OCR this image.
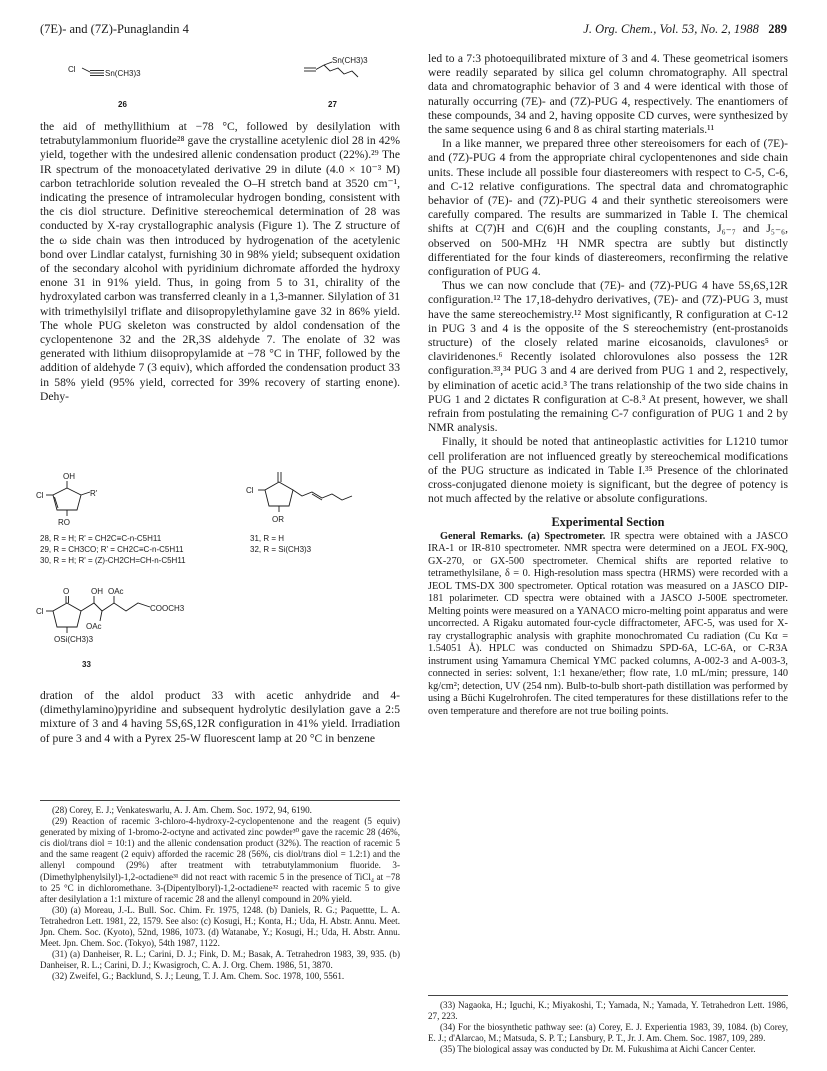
(7E)- and (7Z)-Punaglandin 4	J. Org. Chem., Vol. 53, No. 2, 1988 289
Cl	Sn(CH3)3
26
Sn(CH3)3
27

the aid of methyllithium at −78 °C, followed by desilylation with tetrabutylammonium fluoride²⁸ gave the crystalline acetylenic diol 28 in 42% yield, together with the undesired allenic condensation product (22%).²⁹ The IR spectrum of the monoacetylated derivative 29 in dilute (4.0 × 10⁻³ M) carbon tetrachloride solution revealed the O–H stretch band at 3520 cm⁻¹, indicating the presence of intramolecular hydrogen bonding, consistent with the cis diol structure. Definitive stereochemical determination of 28 was conducted by X-ray crystallographic analysis (Figure 1). The Z structure of the ω side chain was then introduced by hydrogenation of the acetylenic bond over Lindlar catalyst, furnishing 30 in 98% yield; subsequent oxidation of the secondary alcohol with pyridinium dichromate afforded the hydroxy enone 31 in 91% yield. Thus, in going from 5 to 31, chirality of the hydroxylated carbon was transferred cleanly in a 1,3-manner. Silylation of 31 with trimethylsilyl triflate and diisopropylethylamine gave 32 in 86% yield. The whole PUG skeleton was constructed by aldol condensation of the cyclopentenone 32 and the 2R,3S aldehyde 7. The enolate of 32 was generated with lithium diisopropylamide at −78 °C in THF, followed by the addition of aldehyde 7 (3 equiv), which afforded the condensation product 33 in 58% yield (95% yield, corrected for 39% recovery of starting enone). Dehy-

OH
Cl	R'
RO
28, R = H; R' = CH2C≡C-n-C5H11
29, R = CH3CO; R' = CH2C≡C-n-C5H11
30, R = H; R' = (Z)-CH2CH=CH-n-C5H11
Cl
OR
31, R = H
32, R = Si(CH3)3
O	OH OAc
Cl	COOCH3
OAc
OSi(CH3)3
33

dration of the aldol product 33 with acetic anhydride and 4-(dimethylamino)pyridine and subsequent hydrolytic desilylation gave a 2:5 mixture of 3 and 4 having 5S,6S,12R configuration in 41% yield. Irradiation of pure 3 and 4 with a Pyrex 25-W fluorescent lamp at 20 °C in benzene

(28) Corey, E. J.; Venkateswarlu, A. J. Am. Chem. Soc. 1972, 94, 6190.

(29) Reaction of racemic 3-chloro-4-hydroxy-2-cyclopentenone and the reagent (5 equiv) generated by mixing of 1-bromo-2-octyne and activated zinc powder³⁰ gave the racemic 28 (46%, cis diol/trans diol = 10:1) and the allenic condensation product (32%). The reaction of racemic 5 and the same reagent (2 equiv) afforded the racemic 28 (56%, cis diol/trans diol = 1.2:1) and the allenyl compound (29%) after treatment with tetrabutylammonium fluoride. 3-(Dimethylphenylsilyl)-1,2-octadiene³¹ did not react with racemic 5 in the presence of TiCl₄ at −78 to 25 °C in dichloromethane. 3-(Dipentylboryl)-1,2-octadiene³² reacted with racemic 5 to give after desilylation a 1:1 mixture of racemic 28 and the allenyl compound in 20% yield.

(30) (a) Moreau, J.-L. Bull. Soc. Chim. Fr. 1975, 1248. (b) Daniels, R. G.; Paquettte, L. A. Tetrahedron Lett. 1981, 22, 1579. See also: (c) Kosugi, H.; Konta, H.; Uda, H. Abstr. Annu. Meet. Jpn. Chem. Soc. (Kyoto), 52nd, 1986, 1073. (d) Watanabe, Y.; Kosugi, H.; Uda, H. Abstr. Annu. Meet. Jpn. Chem. Soc. (Tokyo), 54th 1987, 1122.

(31) (a) Danheiser, R. L.; Carini, D. J.; Fink, D. M.; Basak, A. Tetrahedron 1983, 39, 935. (b) Danheiser, R. L.; Carini, D. J.; Kwasigroch, C. A. J. Org. Chem. 1986, 51, 3870.

(32) Zweifel, G.; Backlund, S. J.; Leung, T. J. Am. Chem. Soc. 1978, 100, 5561.

led to a 7:3 photoequilibrated mixture of 3 and 4. These geometrical isomers were readily separated by silica gel column chromatography. All spectral data and chromatographic behavior of 3 and 4 were identical with those of naturally occurring (7E)- and (7Z)-PUG 4, respectively. The enantiomers of these compounds, 34 and 2, having opposite CD curves, were synthesized by the same sequence using 6 and 8 as chiral starting materials.¹¹

In a like manner, we prepared three other stereoisomers for each of (7E)- and (7Z)-PUG 4 from the appropriate chiral cyclopentenones and side chain units. These include all possible four diastereomers with respect to C-5, C-6, and C-12 relative configurations. The spectral data and chromatographic behavior of (7E)- and (7Z)-PUG 4 and their synthetic stereoisomers were carefully compared. The results are summarized in Table I. The chemical shifts at C(7)H and C(6)H and the coupling constants, J₆₋₇ and J₅₋₆, observed on 500-MHz ¹H NMR spectra are subtly but distinctly differentiated for the four kinds of diastereomers, reconfirming the relative configuration of PUG 4.

Thus we can now conclude that (7E)- and (7Z)-PUG 4 have 5S,6S,12R configuration.¹² The 17,18-dehydro derivatives, (7E)- and (7Z)-PUG 3, must have the same stereochemistry.¹² Most significantly, R configuration at C-12 in PUG 3 and 4 is the opposite of the S stereochemistry (ent-prostanoids structure) of the closely related marine eicosanoids, clavulones⁵ or claviridenones.⁶ Recently isolated chlorovulones also possess the 12R configuration.³³,³⁴ PUG 3 and 4 are derived from PUG 1 and 2, respectively, by elimination of acetic acid.³ The trans relationship of the two side chains in PUG 1 and 2 dictates R configuration at C-8.³ At present, however, we shall refrain from postulating the remaining C-7 configuration of PUG 1 and 2 by NMR analysis.

Finally, it should be noted that antineoplastic activities for L1210 tumor cell proliferation are not influenced greatly by stereochemical modifications of the PUG structure as indicated in Table I.³⁵ Presence of the chlorinated cross-conjugated dienone moiety is significant, but the degree of potency is not much affected by the relative or absolute configurations.

Experimental Section

General Remarks. (a) Spectrometer. IR spectra were obtained with a JASCO IRA-1 or IR-810 spectrometer. NMR spectra were determined on a JEOL FX-90Q, GX-270, or GX-500 spectrometer. Chemical shifts are reported relative to tetramethylsilane, δ = 0. High-resolution mass spectra (HRMS) were recorded with a JEOL TMS-DX 300 spectrometer. Optical rotation was measured on a JASCO DIP-181 polarimeter. CD spectra were obtained with a JASCO J-500E spectrometer. Melting points were measured on a YANACO micro-melting point apparatus and were uncorrected. A Rigaku automated four-cycle diffractometer, AFC-5, was used for X-ray crystallographic analysis with graphite monochromated Cu radiation (Cu Kα = 1.54051 Å). HPLC was conducted on Shimadzu SPD-6A, LC-6A, or C-R3A instrument using Yamamura Chemical YMC packed columns, A-002-3 and A-003-3, connected in series: solvent, 1:1 hexane/ether; flow rate, 1.0 mL/min; pressure, 140 kg/cm²; detection, UV (254 nm). Bulb-to-bulb short-path distillation was performed by using a Büchi Kugelrohrofen. The cited temperatures for these distillations refer to the oven temperature and therefore are not true boiling points.

(33) Nagaoka, H.; Iguchi, K.; Miyakoshi, T.; Yamada, N.; Yamada, Y. Tetrahedron Lett. 1986, 27, 223.

(34) For the biosynthetic pathway see: (a) Corey, E. J. Experientia 1983, 39, 1084. (b) Corey, E. J.; d'Alarcao, M.; Matsuda, S. P. T.; Lansbury, P. T., Jr. J. Am. Chem. Soc. 1987, 109, 289.

(35) The biological assay was conducted by Dr. M. Fukushima at Aichi Cancer Center.
